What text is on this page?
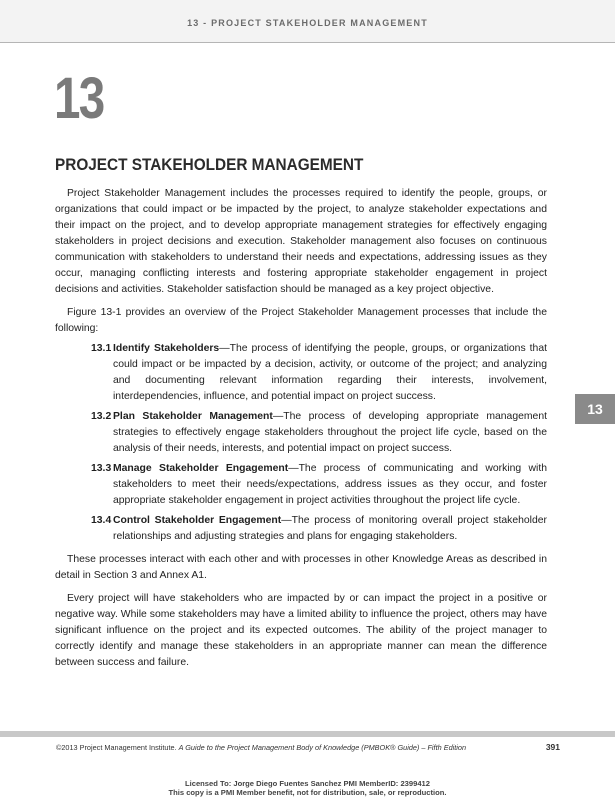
13 - PROJECT STAKEHOLDER MANAGEMENT
13
PROJECT STAKEHOLDER MANAGEMENT

Project Stakeholder Management includes the processes required to identify the people, groups, or organizations that could impact or be impacted by the project, to analyze stakeholder expectations and their impact on the project, and to develop appropriate management strategies for effectively engaging stakeholders in project decisions and execution. Stakeholder management also focuses on continuous communication with stakeholders to understand their needs and expectations, addressing issues as they occur, managing conflicting interests and fostering appropriate stakeholder engagement in project decisions and activities. Stakeholder satisfaction should be managed as a key project objective.

Figure 13-1 provides an overview of the Project Stakeholder Management processes that include the following:

13.1 Identify Stakeholders—The process of identifying the people, groups, or organizations that could impact or be impacted by a decision, activity, or outcome of the project; and analyzing and documenting relevant information regarding their interests, involvement, interdependencies, influence, and potential impact on project success.
13.2 Plan Stakeholder Management—The process of developing appropriate management strategies to effectively engage stakeholders throughout the project life cycle, based on the analysis of their needs, interests, and potential impact on project success.
13.3 Manage Stakeholder Engagement—The process of communicating and working with stakeholders to meet their needs/expectations, address issues as they occur, and foster appropriate stakeholder engagement in project activities throughout the project life cycle.
13.4 Control Stakeholder Engagement—The process of monitoring overall project stakeholder relationships and adjusting strategies and plans for engaging stakeholders.

These processes interact with each other and with processes in other Knowledge Areas as described in detail in Section 3 and Annex A1.

Every project will have stakeholders who are impacted by or can impact the project in a positive or negative way. While some stakeholders may have a limited ability to influence the project, others may have significant influence on the project and its expected outcomes. The ability of the project manager to correctly identify and manage these stakeholders in an appropriate manner can mean the difference between success and failure.

13
©2013 Project Management Institute. A Guide to the Project Management Body of Knowledge (PMBOK® Guide) – Fifth Edition	391
Licensed To: Jorge Diego Fuentes Sanchez PMI MemberID: 2399412
This copy is a PMI Member benefit, not for distribution, sale, or reproduction.
